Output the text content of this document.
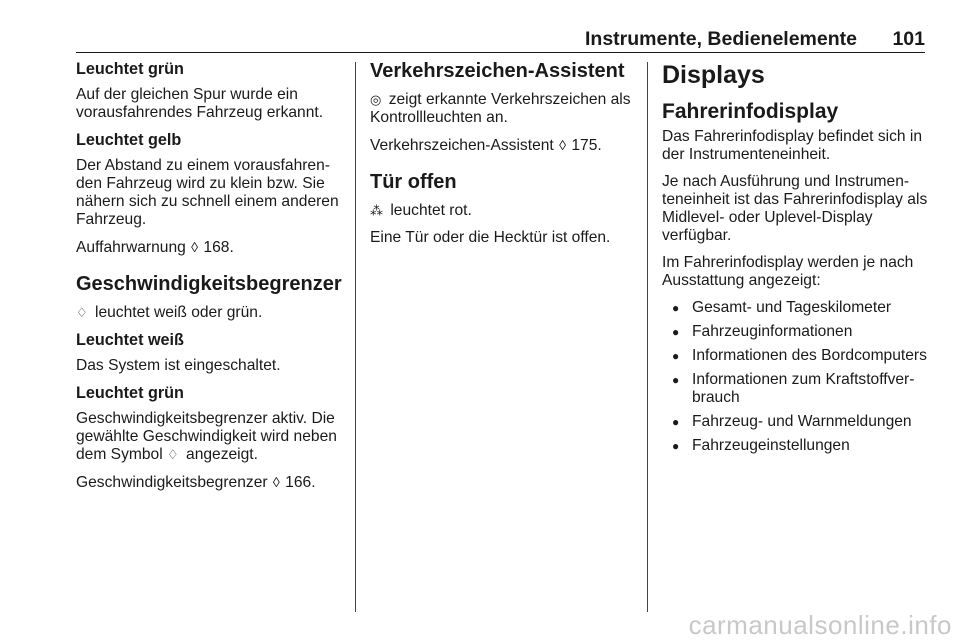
Instrumente, Bedienelemente 101

Leuchtet grün

Auf der gleichen Spur wurde ein vorausfahrendes Fahrzeug erkannt.

Leuchtet gelb

Der Abstand zu einem vorausfahrenden Fahrzeug wird zu klein bzw. Sie nähern sich zu schnell einem anderen Fahrzeug.

Auffahrwarnung ◊ 168.

Geschwindigkeitsbegrenzer

♢ leuchtet weiß oder grün.

Leuchtet weiß

Das System ist eingeschaltet.

Leuchtet grün

Geschwindigkeitsbegrenzer aktiv. Die gewählte Geschwindigkeit wird neben dem Symbol ♢ angezeigt.

Geschwindigkeitsbegrenzer ◊ 166.

Verkehrszeichen-Assistent

◎ zeigt erkannte Verkehrszeichen als Kontrollleuchten an.

Verkehrszeichen-Assistent ◊ 175.

Tür offen

⁂ leuchtet rot.

Eine Tür oder die Hecktür ist offen.

Displays

Fahrerinfodisplay

Das Fahrerinfodisplay befindet sich in der Instrumenteneinheit.

Je nach Ausführung und Instrumenteneinheit ist das Fahrerinfodisplay als Midlevel- oder Uplevel-Display verfügbar.

Im Fahrerinfodisplay werden je nach Ausstattung angezeigt:

● Gesamt- und Tageskilometer
● Fahrzeuginformationen
● Informationen des Bordcomputers
● Informationen zum Kraftstoffverbrauch
● Fahrzeug- und Warnmeldungen
● Fahrzeugeinstellungen
carmanualsonline.info
